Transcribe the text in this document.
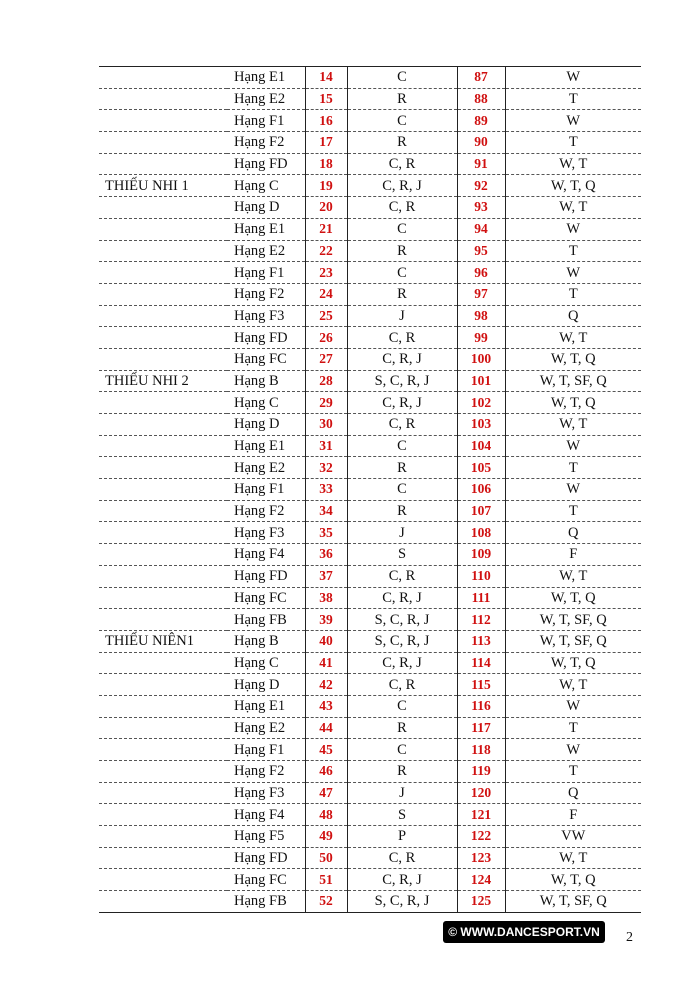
	Hạng E1	14	C	87	W
	Hạng E2	15	R	88	T
	Hạng F1	16	C	89	W
	Hạng F2	17	R	90	T
	Hạng FD	18	C, R	91	W, T
THIẾU NHI 1	Hạng C	19	C, R, J	92	W, T, Q
	Hạng D	20	C, R	93	W, T
	Hạng E1	21	C	94	W
	Hạng E2	22	R	95	T
	Hạng F1	23	C	96	W
	Hạng F2	24	R	97	T
	Hạng F3	25	J	98	Q
	Hạng FD	26	C, R	99	W, T
	Hạng FC	27	C, R, J	100	W, T, Q
THIẾU NHI 2	Hạng B	28	S, C, R, J	101	W, T, SF, Q
	Hạng C	29	C, R, J	102	W, T, Q
	Hạng D	30	C, R	103	W, T
	Hạng E1	31	C	104	W
	Hạng E2	32	R	105	T
	Hạng F1	33	C	106	W
	Hạng F2	34	R	107	T
	Hạng F3	35	J	108	Q
	Hạng F4	36	S	109	F
	Hạng FD	37	C, R	110	W, T
	Hạng FC	38	C, R, J	111	W, T, Q
	Hạng FB	39	S, C, R, J	112	W, T, SF, Q
THIẾU NIÊN1	Hạng B	40	S, C, R, J	113	W, T, SF, Q
	Hạng C	41	C, R, J	114	W, T, Q
	Hạng D	42	C, R	115	W, T
	Hạng E1	43	C	116	W
	Hạng E2	44	R	117	T
	Hạng F1	45	C	118	W
	Hạng F2	46	R	119	T
	Hạng F3	47	J	120	Q
	Hạng F4	48	S	121	F
	Hạng F5	49	P	122	VW
	Hạng FD	50	C, R	123	W, T
	Hạng FC	51	C, R, J	124	W, T, Q
	Hạng FB	52	S, C, R, J	125	W, T, SF, Q
© WWW.DANCESPORT.VN	2
